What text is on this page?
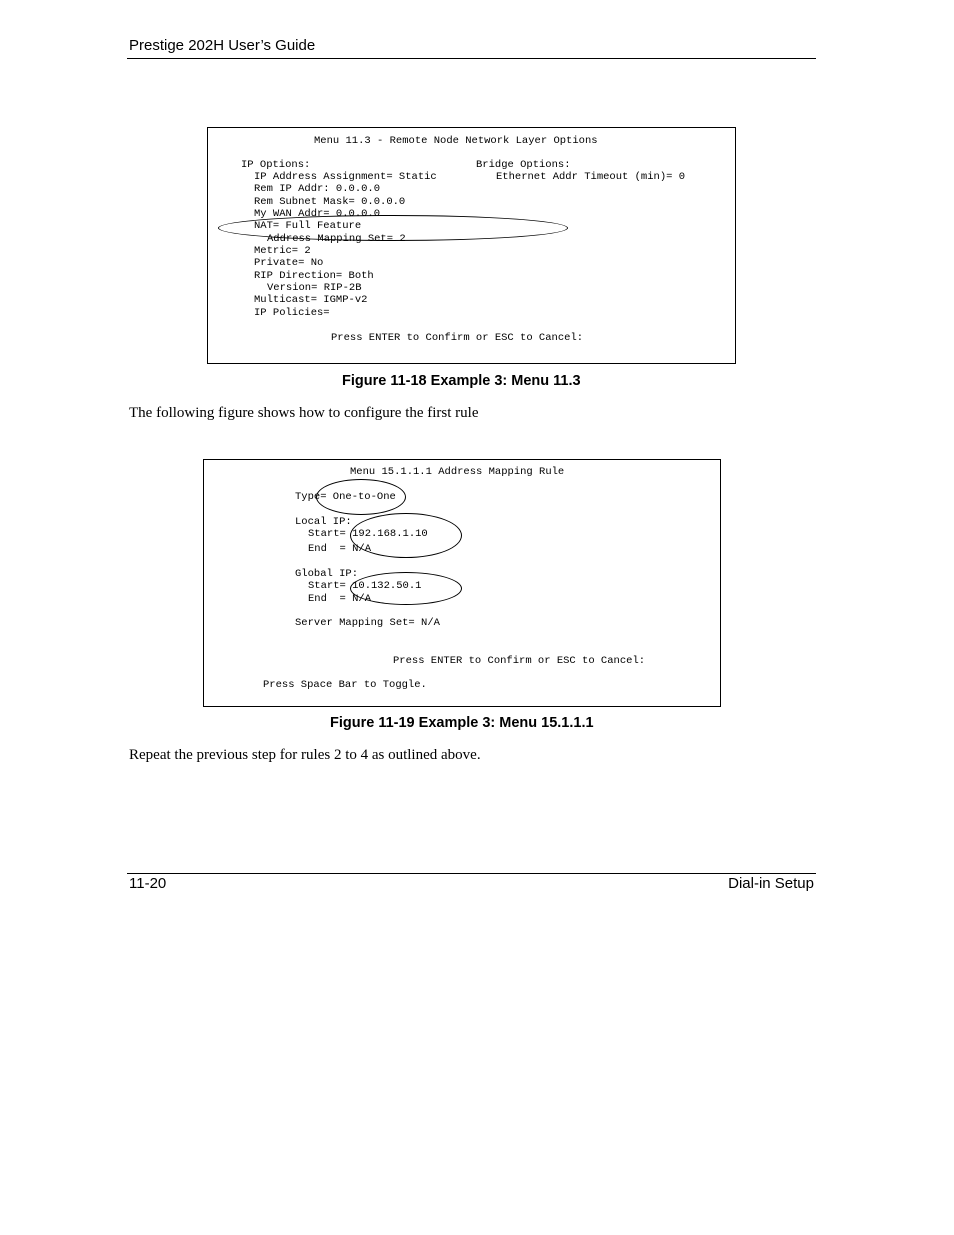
Prestige 202H User’s Guide

Menu 11.3 - Remote Node Network Layer Options

IP Options:

	Bridge Options:

IP Address Assignment= Static

	Ethernet Addr Timeout (min)= 0

Rem IP Addr: 0.0.0.0

Rem Subnet Mask= 0.0.0.0

My WAN Addr= 0.0.0.0

NAT= Full Feature

Address Mapping Set= 2

Metric= 2

Private= No

RIP Direction= Both

Version= RIP-2B

Multicast= IGMP-v2

IP Policies=

Press ENTER to Confirm or ESC to Cancel:

Figure 11-18 Example 3: Menu 11.3
The following figure shows how to configure the first rule

Menu 15.1.1.1 Address Mapping Rule

Type= One-to-One

Local IP:

Start= 192.168.1.10

End  = N/A

Global IP:

Start= 10.132.50.1

End  = N/A

Server Mapping Set= N/A

Press ENTER to Confirm or ESC to Cancel:

Press Space Bar to Toggle.

Figure 11-19 Example 3: Menu 15.1.1.1
Repeat the previous step for rules 2 to 4 as outlined above.
11-20	Dial-in Setup
